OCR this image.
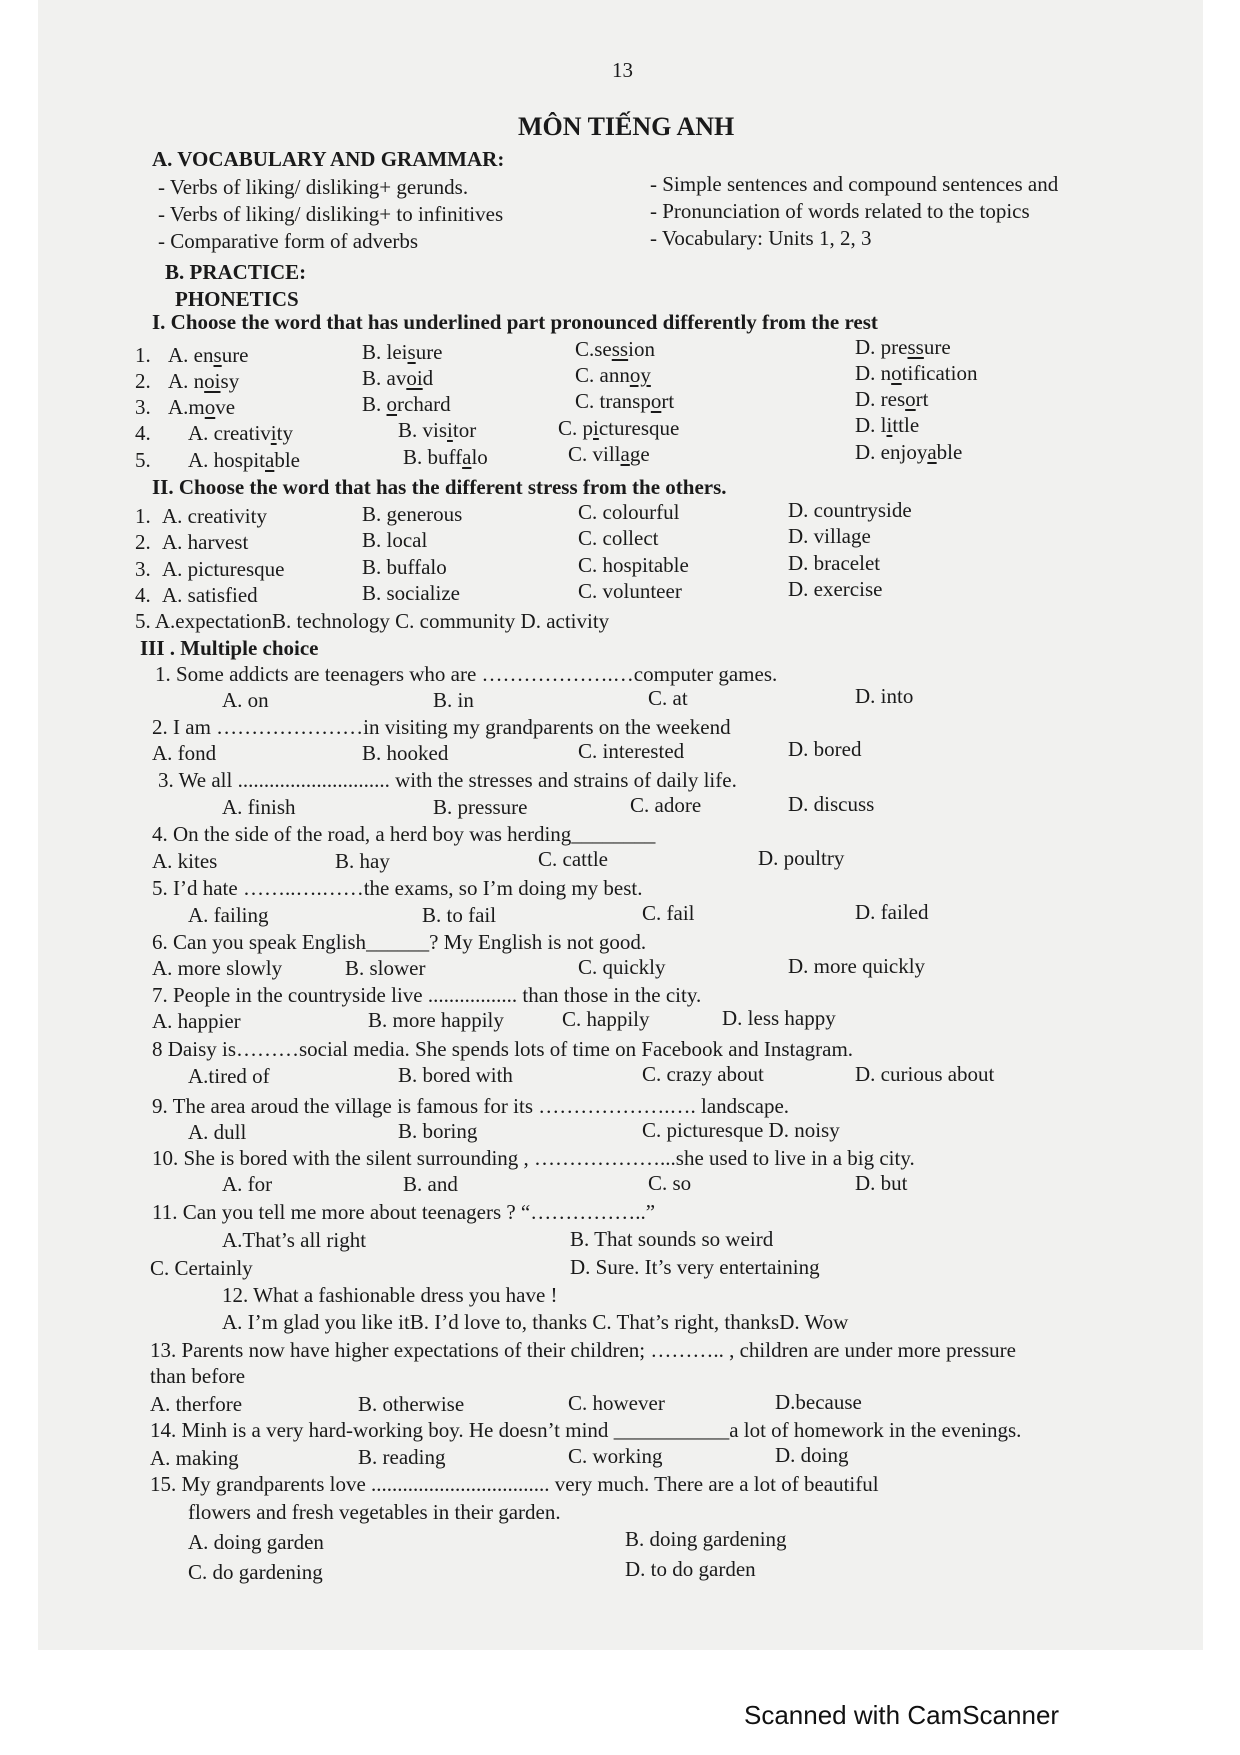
13
MÔN TIẾNG ANH
A. VOCABULARY AND GRAMMAR:
- Verbs of liking/ disliking+ gerunds.
- Verbs of liking/ disliking+ to infinitives
- Comparative form of adverbs
- Simple sentences and compound sentences and
- Pronunciation of words related to the topics
- Vocabulary: Units 1, 2, 3
B. PRACTICE:
PHONETICS
I. Choose the word that has underlined part pronounced differently from the rest
1. A. ensure	B. leisure	C.session	D. pressure
2. A. noisy	B. avoid	C. annoy	D. notification
3. A.move	B. orchard	C. transport	D. resort
4. A. creativity	B. visitor	C. picturesque	D. little
5. A. hospitable	B. buffalo	C. village	D. enjoyable
II. Choose the word that has the different stress from the others.
1. A. creativity	B. generous	C. colourful	D. countryside
2. A. harvest	B. local	C. collect	D. village
3. A. picturesque	B. buffalo	C. hospitable	D. bracelet
4. A. satisfied	B. socialize	C. volunteer	D. exercise
5. A.expectationB. technology C. community D. activity
III . Multiple choice
1. Some addicts are teenagers who are ……………….…computer games.
A. on	B. in	C. at	D. into
2. I am …………………in visiting my grandparents on the weekend
A. fond	B. hooked	C. interested	D. bored
3. We all ............................. with the stresses and strains of daily life.
A. finish	B. pressure	C. adore	D. discuss
4. On the side of the road, a herd boy was herding________
A. kites	B. hay	C. cattle	D. poultry
5. I’d hate ……..….……the exams, so I’m doing my best.
A. failing	B. to fail	C. fail	D. failed
6. Can you speak English______? My English is not good.
A. more slowly	B. slower	C. quickly	D. more quickly
7. People in the countryside live ................. than those in the city.
A. happier	B. more happily	C. happily	D. less happy
8 Daisy is………social media. She spends lots of time on Facebook and Instagram.
A.tired of	B. bored with	C. crazy about	D. curious about
9. The area aroud the village is famous for its ……………….…. landscape.
A. dull	B. boring	C. picturesque D. noisy
10. She is bored with the silent surrounding , ………………...she used to live in a big city.
A. for	B. and	C. so	D. but
11. Can you tell me more about teenagers ? “……………..”
A.That’s all right	B. That sounds so weird
C. Certainly	D. Sure. It’s very entertaining
12. What a fashionable dress you have !
A. I’m glad you like itB. I’d love to, thanks C. That’s right, thanksD. Wow
13. Parents now have higher expectations of their children; ……….. , children are under more pressure
than before
A. therfore	B. otherwise	C. however	D.because
14. Minh is a very hard-working boy. He doesn’t mind ___________a lot of homework in the evenings.
A. making	B. reading	C. working	D. doing
15. My grandparents love .................................. very much. There are a lot of beautiful
flowers and fresh vegetables in their garden.
A. doing garden	B. doing gardening
C. do gardening	D. to do garden
Scanned with CamScanner
